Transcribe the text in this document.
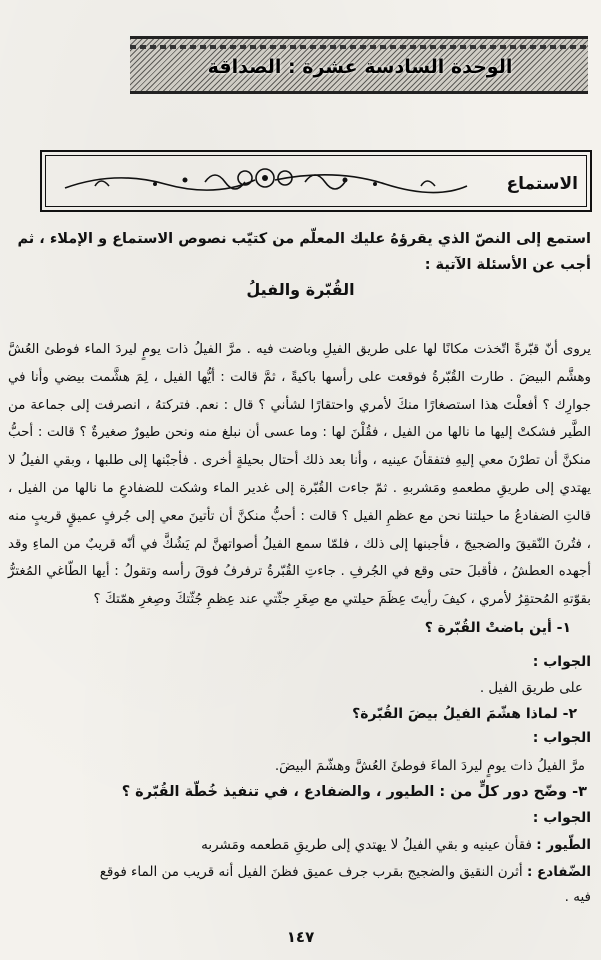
الوحدة السادسة عشرة : الصداقة
الاستماع
استمع إلى النصّ الذي يقرؤهُ عليك المعلّم من كتيّب نصوص الاستماع و الإملاء ، ثم أجب عن الأسئلة الآتية :
القُبّرة والفيلُ
يروى أنّ قبّرةً اتّخذت مكانًا لها على طريق الفيلِ وباضت فيه . مرَّ الفيلُ ذات يومٍ ليردَ الماء فوطئ العُشَّ وهشَّم البيضَ . طارت القُبّرةُ فوقعت على رأسها باكيةً ، ثمَّ قالت : أيُّها الفيل ، لِمَ هشَّمت بيضي وأنا في جوارِك ؟ أفعلْتَ هذا استصغارًا منكَ لأمري واحتقارًا لشأني ؟ قال : نعم. فتركتهُ ، انصرفت إلى جماعة من الطَّير فشكتْ إليها ما نالها من الفيل ، فقُلْنَ لها : وما عسى أن نبلغ منه ونحن طيورٌ صغيرةٌ ؟ قالت : أحبُّ منكنَّ أن تطرْنَ معي إليهِ فتفقأنَ عينيه ، وأنا بعد ذلك أحتال بحيلةٍ أخرى . فأجبْنها إلى طلبها ، وبقي الفيلُ لا يهتدي إلى طريقِ مطعمهِ ومَشربهِ . ثمّ جاءت القُبّرة إلى غدير الماء وشكت للضفادعِ ما نالها من الفيل ، قالتِ الضفادعُ ما حيلتنا نحن مع عظمِ الفيل ؟ قالت : أحبُّ منكنَّ أن تأتينَ معي إلى جُرفٍ عميقٍ قريبٍ منه ، فتُرنَ النّقيقَ والضجيجَ ، فأجبنها إلى ذلك ، فلمّا سمع الفيلُ أصواتهنَّ لم يَشُكَّ في أنّه قريبٌ من الماءِ وقد أجهده العطشُ ، فأقبلَ حتى وقع في الجُرفِ . جاءتِ القُبّرةُ ترفرفُ فوقَ رأسه وتقولُ : أيها الطّاغي المُغترُّ بقوّتهِ المُحتقِرُ لأمري ، كيفَ رأيتَ عِظَمَ حيلتي مع صِغَرِ جثّتي عند عِظمِ جُثّتكَ وصِغرِ همّتكَ ؟
١- أين باضتْ القُبّرة ؟
الجواب :
على طريق الفيل .
٢- لماذا هشّمَ الفيلُ بيضَ القُبّرة؟
الجواب :
مرَّ الفيلُ ذات يومٍ ليردَ الماءَ فوطئَ العُشَّ وهشّمَ البيضَ.
٣- وضّح دور كلٍّ من : الطيور ، والضفادع ، في تنفيذ خُطّة القُبّرة ؟
الجواب :
الطّيور : فقأن عينيه و بقي الفيلُ لا يهتدي إلى طريقِ مَطعمه ومَشربه
الضّفادع : أثرن النقيق والضجيج بقرب جرف عميق فظنَ الفيل أنه قريب من الماء فوقع
فيه .
١٤٧
